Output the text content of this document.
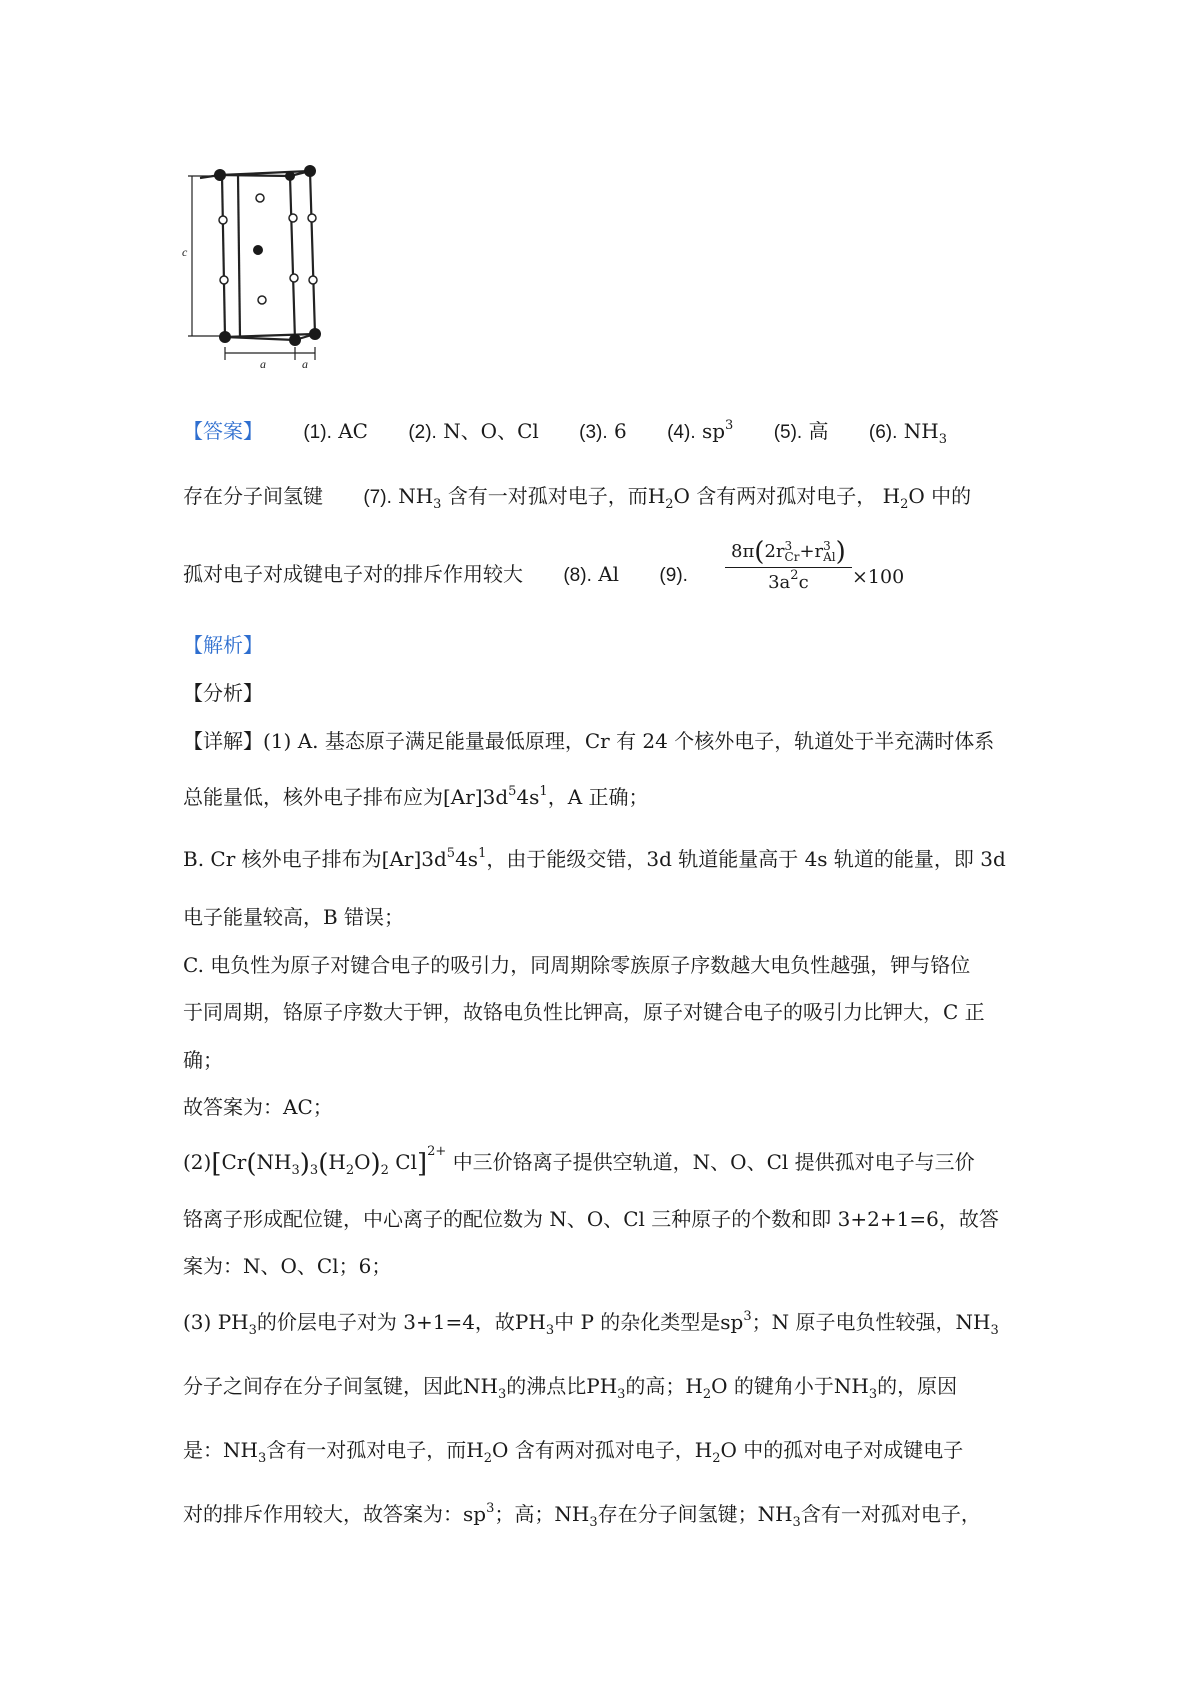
c
a	a
【答案】 (1). AC (2). N、O、Cl (3). 6 (4). $sp^3$ (5). 高 (6). $NH_3$
存在分子间氢键 (7). $NH_3$ 含有一对孤对电子，而$H_2O$ 含有两对孤对电子， $H_2O$ 中的
孤对电子对成键电子对的排斥作用较大 (8). Al (9).	8π(2r 3
Cr +r 3
Al )
$3a^2c \times 100$
【解析】
【分析】
【详解】(1) A. 基态原子满足能量最低原理，Cr 有 24 个核外电子，轨道处于半充满时体系
总能量低，核外电子排布应为$[Ar]3d^54s^1$，A 正确；
B. Cr 核外电子排布为$[Ar]3d^54s^1$，由于能级交错，3d 轨道能量高于 4s 轨道的能量，即 3d
电子能量较高，B 错误；
C. 电负性为原子对键合电子的吸引力，同周期除零族原子序数越大电负性越强，钾与铬位
于同周期，铬原子序数大于钾，故铬电负性比钾高，原子对键合电子的吸引力比钾大，C 正
确；
故答案为：AC；
$(2)[Cr(NH_3)_3(H_2O)_2$ Cl]$^{2+}$ 中三价铬离子提供空轨道，N、O、Cl 提供孤对电子与三价
铬离子形成配位键，中心离子的配位数为 N、O、Cl 三种原子的个数和即 3+2+1=6，故答
案为：N、O、Cl；6；
(3) $PH_3$的价层电子对为 3+1=4，故$PH_3$中 P 的杂化类型是$sp^3$；N 原子电负性较强，$NH_3$
分子之间存在分子间氢键，因此$NH_3$的沸点比$PH_3$的高；$H_2O$ 的键角小于$NH_3$的，原因
是：$NH_3$含有一对孤对电子，而$H_2O$ 含有两对孤对电子，$H_2O$ 中的孤对电子对成键电子
对的排斥作用较大，故答案为：$sp^3$；高；$NH_3$存在分子间氢键；$NH_3$含有一对孤对电子，
